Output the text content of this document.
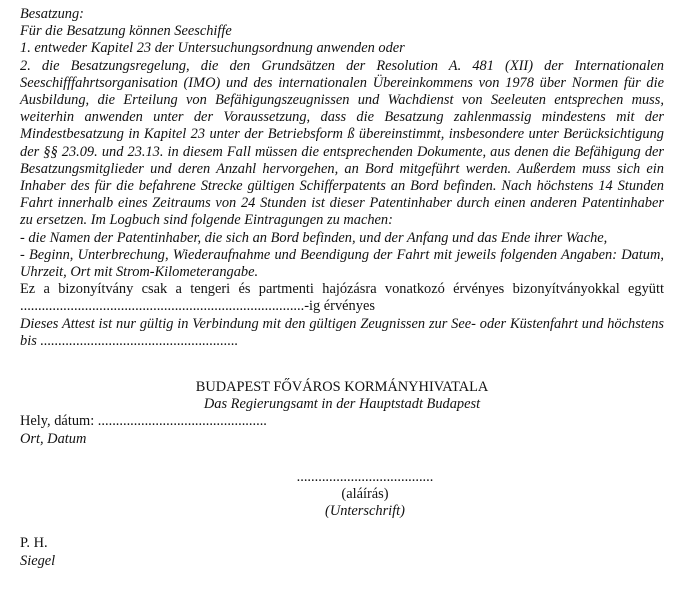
Besatzung:

Für die Besatzung können Seeschiffe

1. entweder Kapitel 23 der Untersuchungsordnung anwenden oder

2. die Besatzungsregelung, die den Grundsätzen der Resolution A. 481 (XII) der Internationalen Seeschifffahrtsorganisation (IMO) und des internationalen Übereinkommens von 1978 über Normen für die Ausbildung, die Erteilung von Befähigungszeugnissen und Wachdienst von Seeleuten entsprechen muss, weiterhin anwenden unter der Voraussetzung, dass die Besatzung zahlenmassig mindestens mit der Mindestbesatzung in Kapitel 23 unter der Betriebsform ß übereinstimmt, insbesondere unter Berücksichtigung der §§ 23.09. und 23.13. in diesem Fall müssen die entsprechenden Dokumente, aus denen die Befähigung der Besatzungsmitglieder und deren Anzahl hervorgehen, an Bord mitgeführt werden. Außerdem muss sich ein Inhaber des für die befahrene Strecke gültigen Schifferpatents an Bord befinden. Nach höchstens 14 Stunden Fahrt innerhalb eines Zeitraums von 24 Stunden ist dieser Patentinhaber durch einen anderen Patentinhaber zu ersetzen. Im Logbuch sind folgende Eintragungen zu machen:

- die Namen der Patentinhaber, die sich an Bord befinden, und der Anfang und das Ende ihrer Wache,

- Beginn, Unterbrechung, Wiederaufnahme und Beendigung der Fahrt mit jeweils folgenden Angaben: Datum, Uhrzeit, Ort mit Strom-Kilometerangabe.

Ez a bizonyítvány csak a tengeri és partmenti hajózásra vonatkozó érvényes bizonyítványokkal együtt ...............................................................................-ig érvényes

Dieses Attest ist nur gültig in Verbindung mit den gültigen Zeugnissen zur See- oder Küstenfahrt und höchstens bis .......................................................

BUDAPEST FŐVÁROS KORMÁNYHIVATALA

Das Regierungsamt in der Hauptstadt Budapest

Hely, dátum: ...............................................

Ort, Datum

......................................

(aláírás)

(Unterschrift)

P. H.

Siegel
